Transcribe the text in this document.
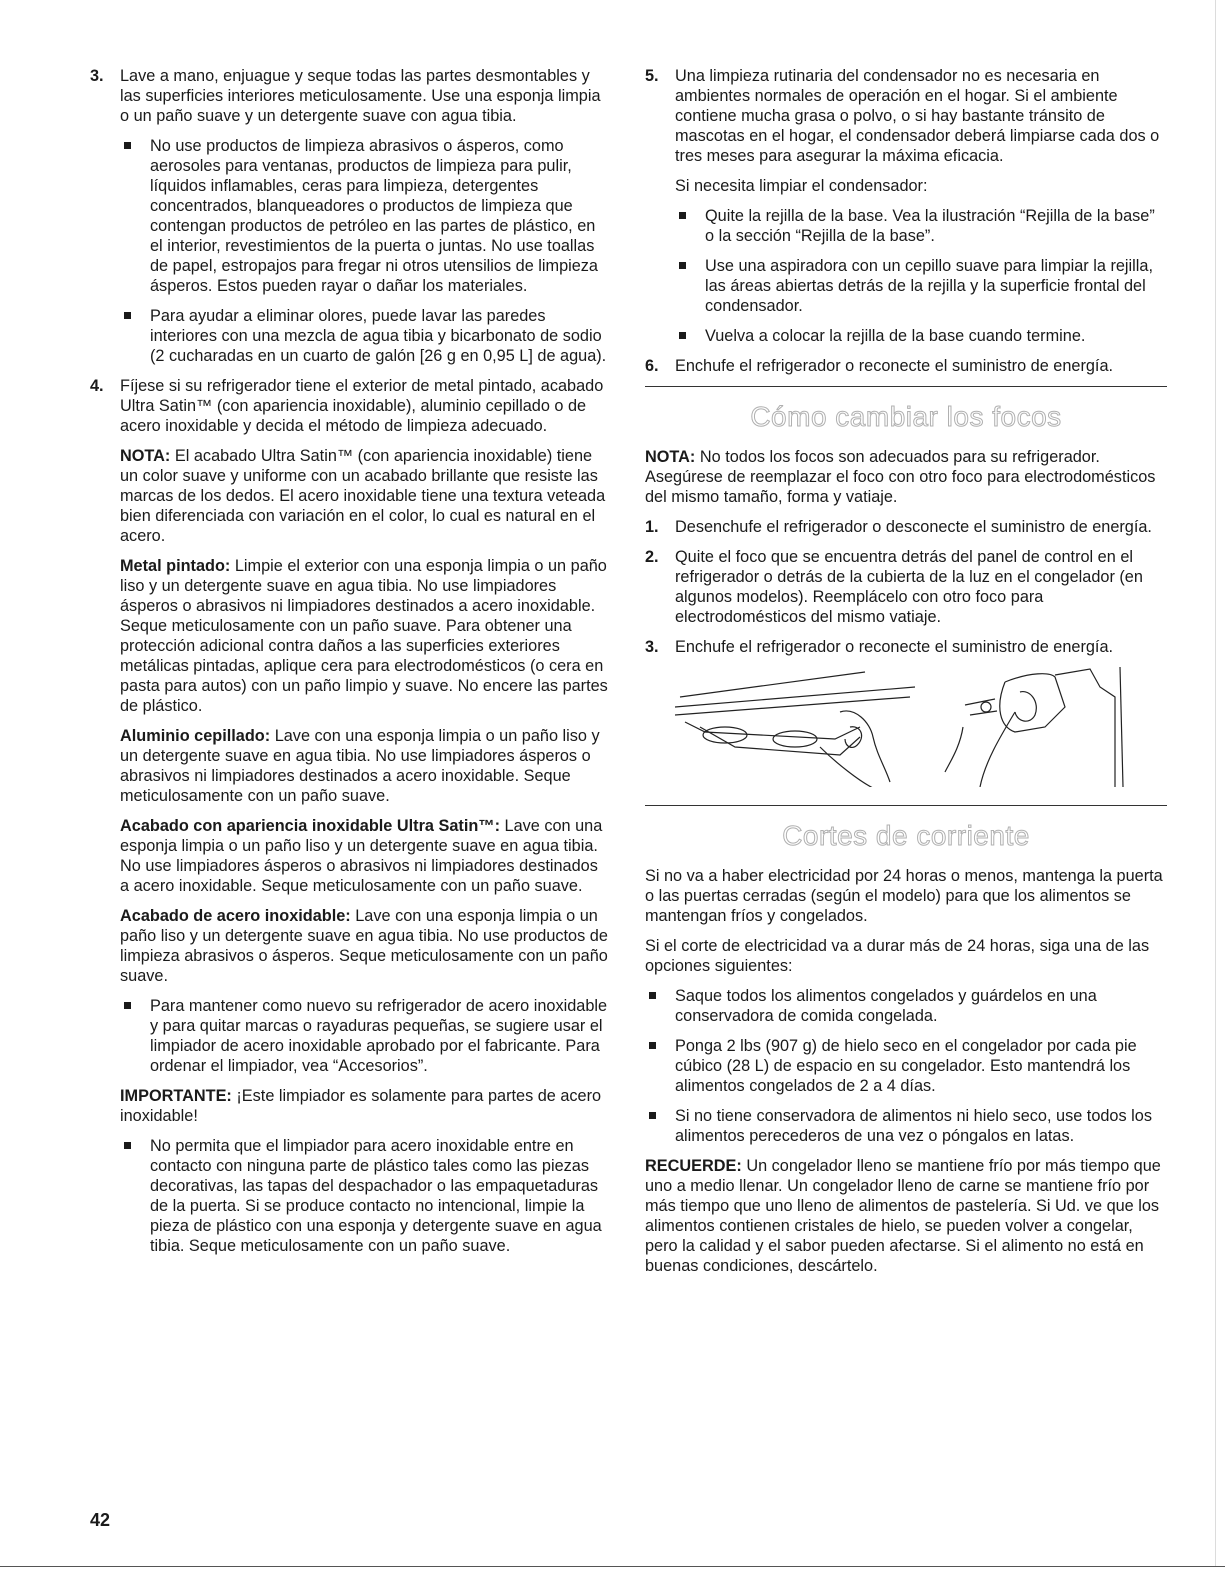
3. Lave a mano, enjuague y seque todas las partes desmontables y las superficies interiores meticulosamente. Use una esponja limpia o un paño suave y un detergente suave con agua tibia.
No use productos de limpieza abrasivos o ásperos, como aerosoles para ventanas, productos de limpieza para pulir, líquidos inflamables, ceras para limpieza, detergentes concentrados, blanqueadores o productos de limpieza que contengan productos de petróleo en las partes de plástico, en el interior, revestimientos de la puerta o juntas. No use toallas de papel, estropajos para fregar ni otros utensilios de limpieza ásperos. Estos pueden rayar o dañar los materiales.
Para ayudar a eliminar olores, puede lavar las paredes interiores con una mezcla de agua tibia y bicarbonato de sodio (2 cucharadas en un cuarto de galón [26 g en 0,95 L] de agua).
4. Fíjese si su refrigerador tiene el exterior de metal pintado, acabado Ultra Satin™ (con apariencia inoxidable), aluminio cepillado o de acero inoxidable y decida el método de limpieza adecuado.
NOTA: El acabado Ultra Satin™ (con apariencia inoxidable) tiene un color suave y uniforme con un acabado brillante que resiste las marcas de los dedos. El acero inoxidable tiene una textura veteada bien diferenciada con variación en el color, lo cual es natural en el acero.
Metal pintado: Limpie el exterior con una esponja limpia o un paño liso y un detergente suave en agua tibia. No use limpiadores ásperos o abrasivos ni limpiadores destinados a acero inoxidable. Seque meticulosamente con un paño suave. Para obtener una protección adicional contra daños a las superficies exteriores metálicas pintadas, aplique cera para electrodomésticos (o cera en pasta para autos) con un paño limpio y suave. No encere las partes de plástico.
Aluminio cepillado: Lave con una esponja limpia o un paño liso y un detergente suave en agua tibia. No use limpiadores ásperos o abrasivos ni limpiadores destinados a acero inoxidable. Seque meticulosamente con un paño suave.
Acabado con apariencia inoxidable Ultra Satin™: Lave con una esponja limpia o un paño liso y un detergente suave en agua tibia. No use limpiadores ásperos o abrasivos ni limpiadores destinados a acero inoxidable. Seque meticulosamente con un paño suave.
Acabado de acero inoxidable: Lave con una esponja limpia o un paño liso y un detergente suave en agua tibia. No use productos de limpieza abrasivos o ásperos. Seque meticulosamente con un paño suave.
Para mantener como nuevo su refrigerador de acero inoxidable y para quitar marcas o rayaduras pequeñas, se sugiere usar el limpiador de acero inoxidable aprobado por el fabricante. Para ordenar el limpiador, vea “Accesorios”.
IMPORTANTE: ¡Este limpiador es solamente para partes de acero inoxidable!
No permita que el limpiador para acero inoxidable entre en contacto con ninguna parte de plástico tales como las piezas decorativas, las tapas del despachador o las empaquetaduras de la puerta. Si se produce contacto no intencional, limpie la pieza de plástico con una esponja y detergente suave en agua tibia. Seque meticulosamente con un paño suave.
5. Una limpieza rutinaria del condensador no es necesaria en ambientes normales de operación en el hogar. Si el ambiente contiene mucha grasa o polvo, o si hay bastante tránsito de mascotas en el hogar, el condensador deberá limpiarse cada dos o tres meses para asegurar la máxima eficacia.
Si necesita limpiar el condensador:
Quite la rejilla de la base. Vea la ilustración “Rejilla de la base” o la sección “Rejilla de la base”.
Use una aspiradora con un cepillo suave para limpiar la rejilla, las áreas abiertas detrás de la rejilla y la superficie frontal del condensador.
Vuelva a colocar la rejilla de la base cuando termine.
6. Enchufe el refrigerador o reconecte el suministro de energía.
Cómo cambiar los focos
NOTA: No todos los focos son adecuados para su refrigerador. Asegúrese de reemplazar el foco con otro foco para electrodomésticos del mismo tamaño, forma y vatiaje.
1. Desenchufe el refrigerador o desconecte el suministro de energía.
2. Quite el foco que se encuentra detrás del panel de control en el refrigerador o detrás de la cubierta de la luz en el congelador (en algunos modelos). Reemplácelo con otro foco para electrodomésticos del mismo vatiaje.
3. Enchufe el refrigerador o reconecte el suministro de energía.
Cortes de corriente
Si no va a haber electricidad por 24 horas o menos, mantenga la puerta o las puertas cerradas (según el modelo) para que los alimentos se mantengan fríos y congelados.
Si el corte de electricidad va a durar más de 24 horas, siga una de las opciones siguientes:
Saque todos los alimentos congelados y guárdelos en una conservadora de comida congelada.
Ponga 2 lbs (907 g) de hielo seco en el congelador por cada pie cúbico (28 L) de espacio en su congelador. Esto mantendrá los alimentos congelados de 2 a 4 días.
Si no tiene conservadora de alimentos ni hielo seco, use todos los alimentos perecederos de una vez o póngalos en latas.
RECUERDE: Un congelador lleno se mantiene frío por más tiempo que uno a medio llenar. Un congelador lleno de carne se mantiene frío por más tiempo que uno lleno de alimentos de pastelería. Si Ud. ve que los alimentos contienen cristales de hielo, se pueden volver a congelar, pero la calidad y el sabor pueden afectarse. Si el alimento no está en buenas condiciones, descártelo.
42
